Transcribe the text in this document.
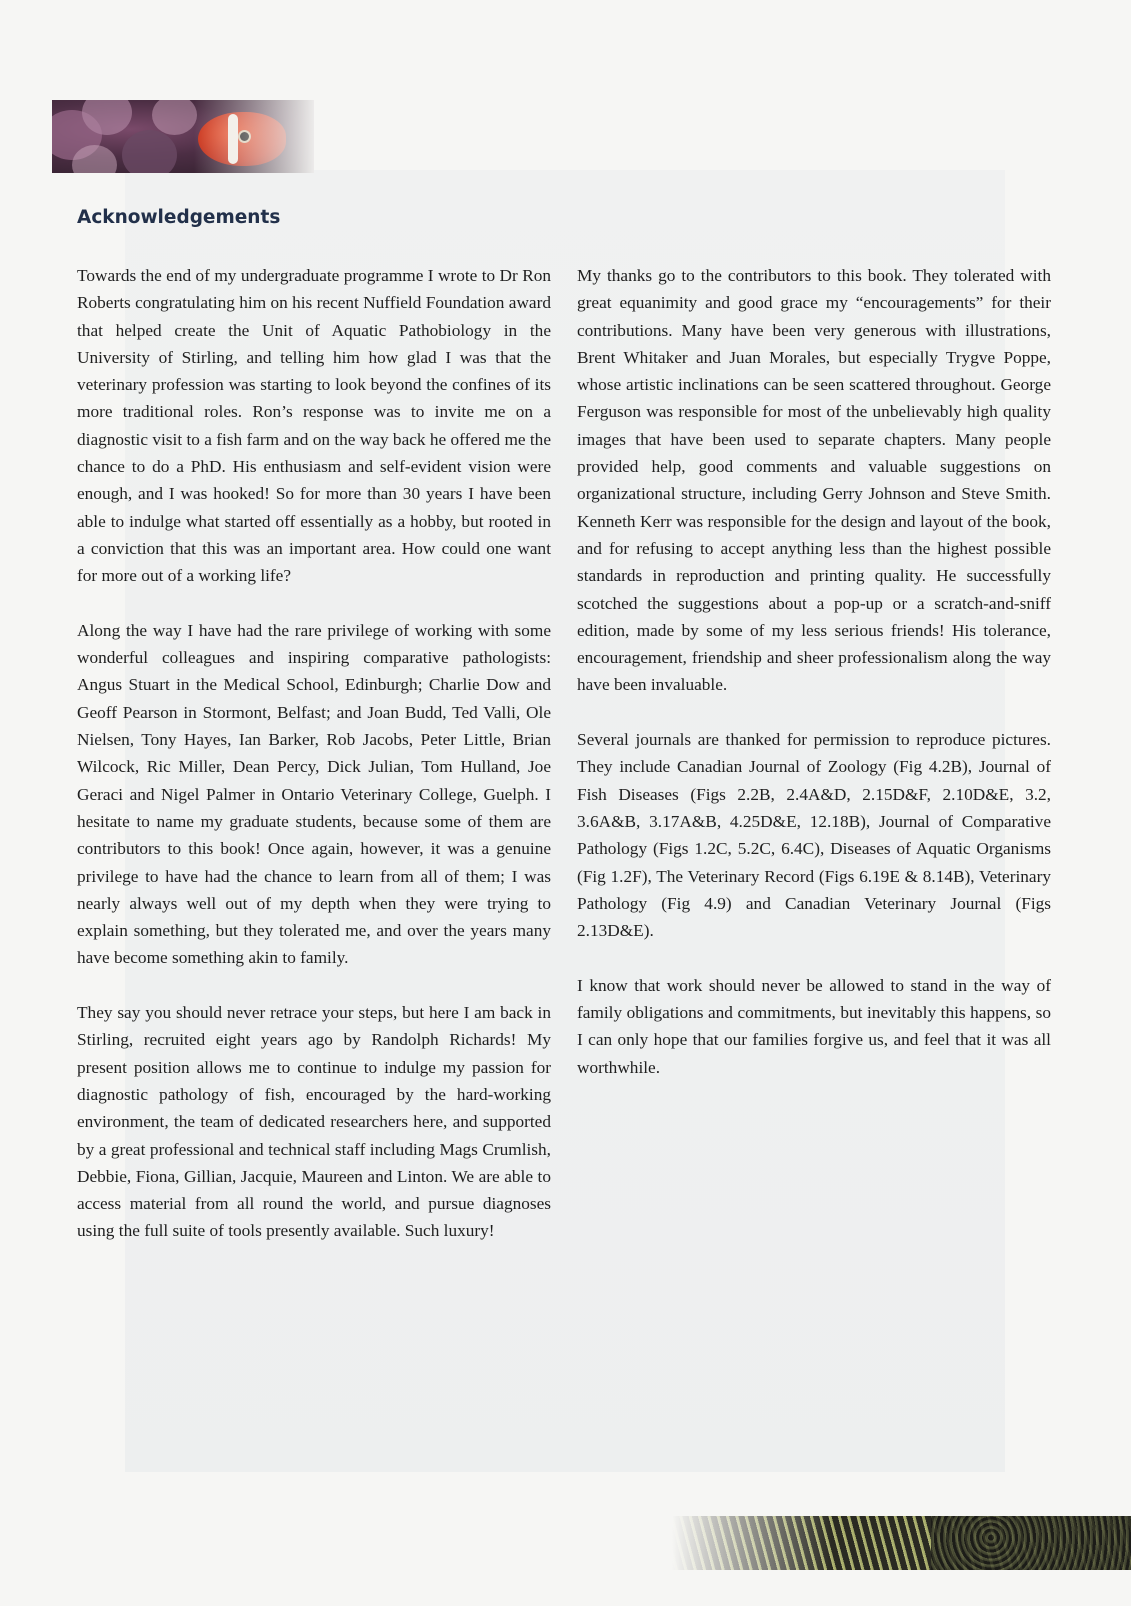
Acknowledgements

Towards the end of my undergraduate programme I wrote to Dr Ron Roberts congratulating him on his recent Nuffield Foundation award that helped create the Unit of Aquatic Pathobiology in the University of Stirling, and telling him how glad I was that the veterinary profession was starting to look beyond the confines of its more traditional roles. Ron’s response was to invite me on a diagnostic visit to a fish farm and on the way back he offered me the chance to do a PhD. His enthusiasm and self-evident vision were enough, and I was hooked! So for more than 30 years I have been able to indulge what started off essentially as a hobby, but rooted in a conviction that this was an important area. How could one want for more out of a working life?

Along the way I have had the rare privilege of working with some wonderful colleagues and inspiring comparative pathologists: Angus Stuart in the Medical School, Edinburgh; Charlie Dow and Geoff Pearson in Stormont, Belfast; and Joan Budd, Ted Valli, Ole Nielsen, Tony Hayes, Ian Barker, Rob Jacobs, Peter Little, Brian Wilcock, Ric Miller, Dean Percy, Dick Julian, Tom Hulland, Joe Geraci and Nigel Palmer in Ontario Veterinary College, Guelph. I hesitate to name my graduate students, because some of them are contributors to this book! Once again, however, it was a genuine privilege to have had the chance to learn from all of them; I was nearly always well out of my depth when they were trying to explain something, but they tolerated me, and over the years many have become something akin to family.

They say you should never retrace your steps, but here I am back in Stirling, recruited eight years ago by Randolph Richards! My present position allows me to continue to indulge my passion for diagnostic pathology of fish, encouraged by the hard-working environment, the team of dedicated researchers here, and supported by a great professional and technical staff including Mags Crumlish, Debbie, Fiona, Gillian, Jacquie, Maureen and Linton. We are able to access material from all round the world, and pursue diagnoses using the full suite of tools presently available. Such luxury!

My thanks go to the contributors to this book. They tolerated with great equanimity and good grace my “encouragements” for their contributions. Many have been very generous with illustrations, Brent Whitaker and Juan Morales, but especially Trygve Poppe, whose artistic inclinations can be seen scattered throughout. George Ferguson was responsible for most of the unbelievably high quality images that have been used to separate chapters. Many people provided help, good comments and valuable suggestions on organizational structure, including Gerry Johnson and Steve Smith. Kenneth Kerr was responsible for the design and layout of the book, and for refusing to accept anything less than the highest possible standards in reproduction and printing quality. He successfully scotched the suggestions about a pop-up or a scratch-and-sniff edition, made by some of my less serious friends! His tolerance, encouragement, friendship and sheer professionalism along the way have been invaluable.

Several journals are thanked for permission to reproduce pictures. They include Canadian Journal of Zoology (Fig 4.2B), Journal of Fish Diseases (Figs 2.2B, 2.4A&D, 2.15D&F, 2.10D&E, 3.2, 3.6A&B, 3.17A&B, 4.25D&E, 12.18B), Journal of Comparative Pathology (Figs 1.2C, 5.2C, 6.4C), Diseases of Aquatic Organisms (Fig 1.2F), The Veterinary Record (Figs 6.19E & 8.14B), Veterinary Pathology (Fig 4.9) and Canadian Veterinary Journal (Figs 2.13D&E).

I know that work should never be allowed to stand in the way of family obligations and commitments, but inevitably this happens, so I can only hope that our families forgive us, and feel that it was all worthwhile.
